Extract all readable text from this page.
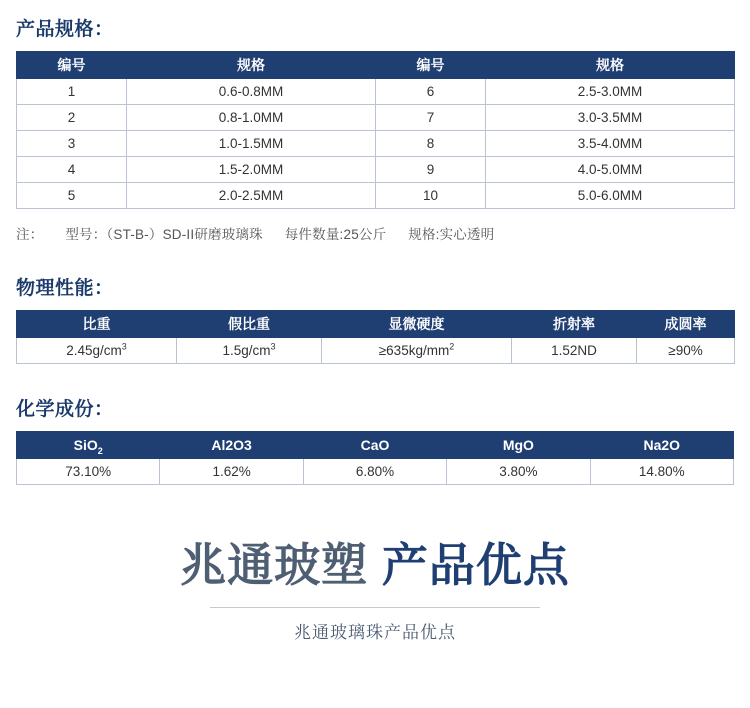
产品规格：
编号	规格	编号	规格
1	0.6-0.8MM	6	2.5-3.0MM
2	0.8-1.0MM	7	3.0-3.5MM
3	1.0-1.5MM	8	3.5-4.0MM
4	1.5-2.0MM	9	4.0-5.0MM
5	2.0-2.5MM	10	5.0-6.0MM
注： 型号：（ST-B-）SD-II研磨玻璃珠 每件数量:25公斤 规格:实心透明
物理性能：
比重	假比重	显微硬度	折射率	成圆率
$2.45g/cm^3$	$1.5g/cm^3$	$\ge 635kg/mm^2$	1.52ND	≥90%
化学成份：
SiO$_2$	Al2O3	CaO	MgO	Na2O
73.10%	1.62%	6.80%	3.80%	14.80%
兆通玻塑 产品优点
兆通玻璃珠产品优点
